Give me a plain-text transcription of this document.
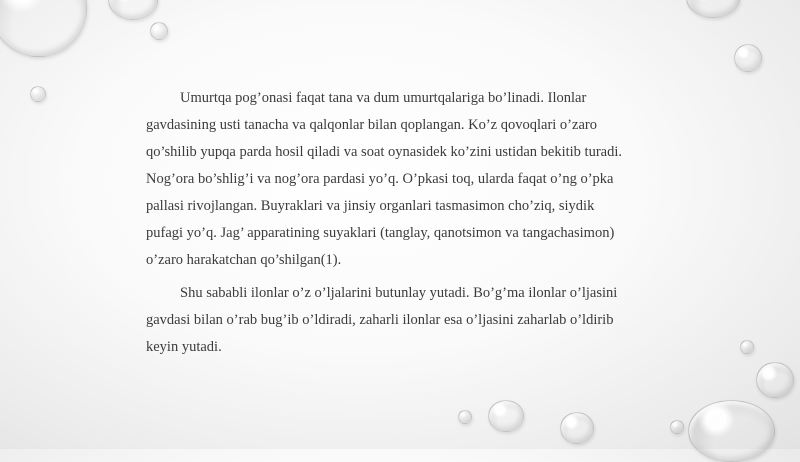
Umurtqa pog’onasi faqat tana va dum umurtqalariga bo’linadi. Ilonlar
gavdasining usti tanacha va qalqonlar bilan qoplangan. Ko’z qovoqlari o’zaro
qo’shilib yupqa parda hosil qiladi va soat oynasidek ko’zini ustidan bekitib turadi.
Nog’ora bo’shlig’i va nog’ora pardasi yo’q. O’pkasi toq, ularda faqat o’ng o’pka
pallasi rivojlangan. Buyraklari va jinsiy organlari tasmasimon cho’ziq, siydik
pufagi yo’q. Jag’ apparatining suyaklari (tanglay, qanotsimon va tangachasimon)
o’zaro harakatchan qo’shilgan(1).

Shu sababli ilonlar o’z o’ljalarini butunlay yutadi. Bo’g’ma ilonlar o’ljasini
gavdasi bilan o’rab bug’ib o’ldiradi, zaharli ilonlar esa o’ljasini zaharlab o’ldirib
keyin yutadi.
